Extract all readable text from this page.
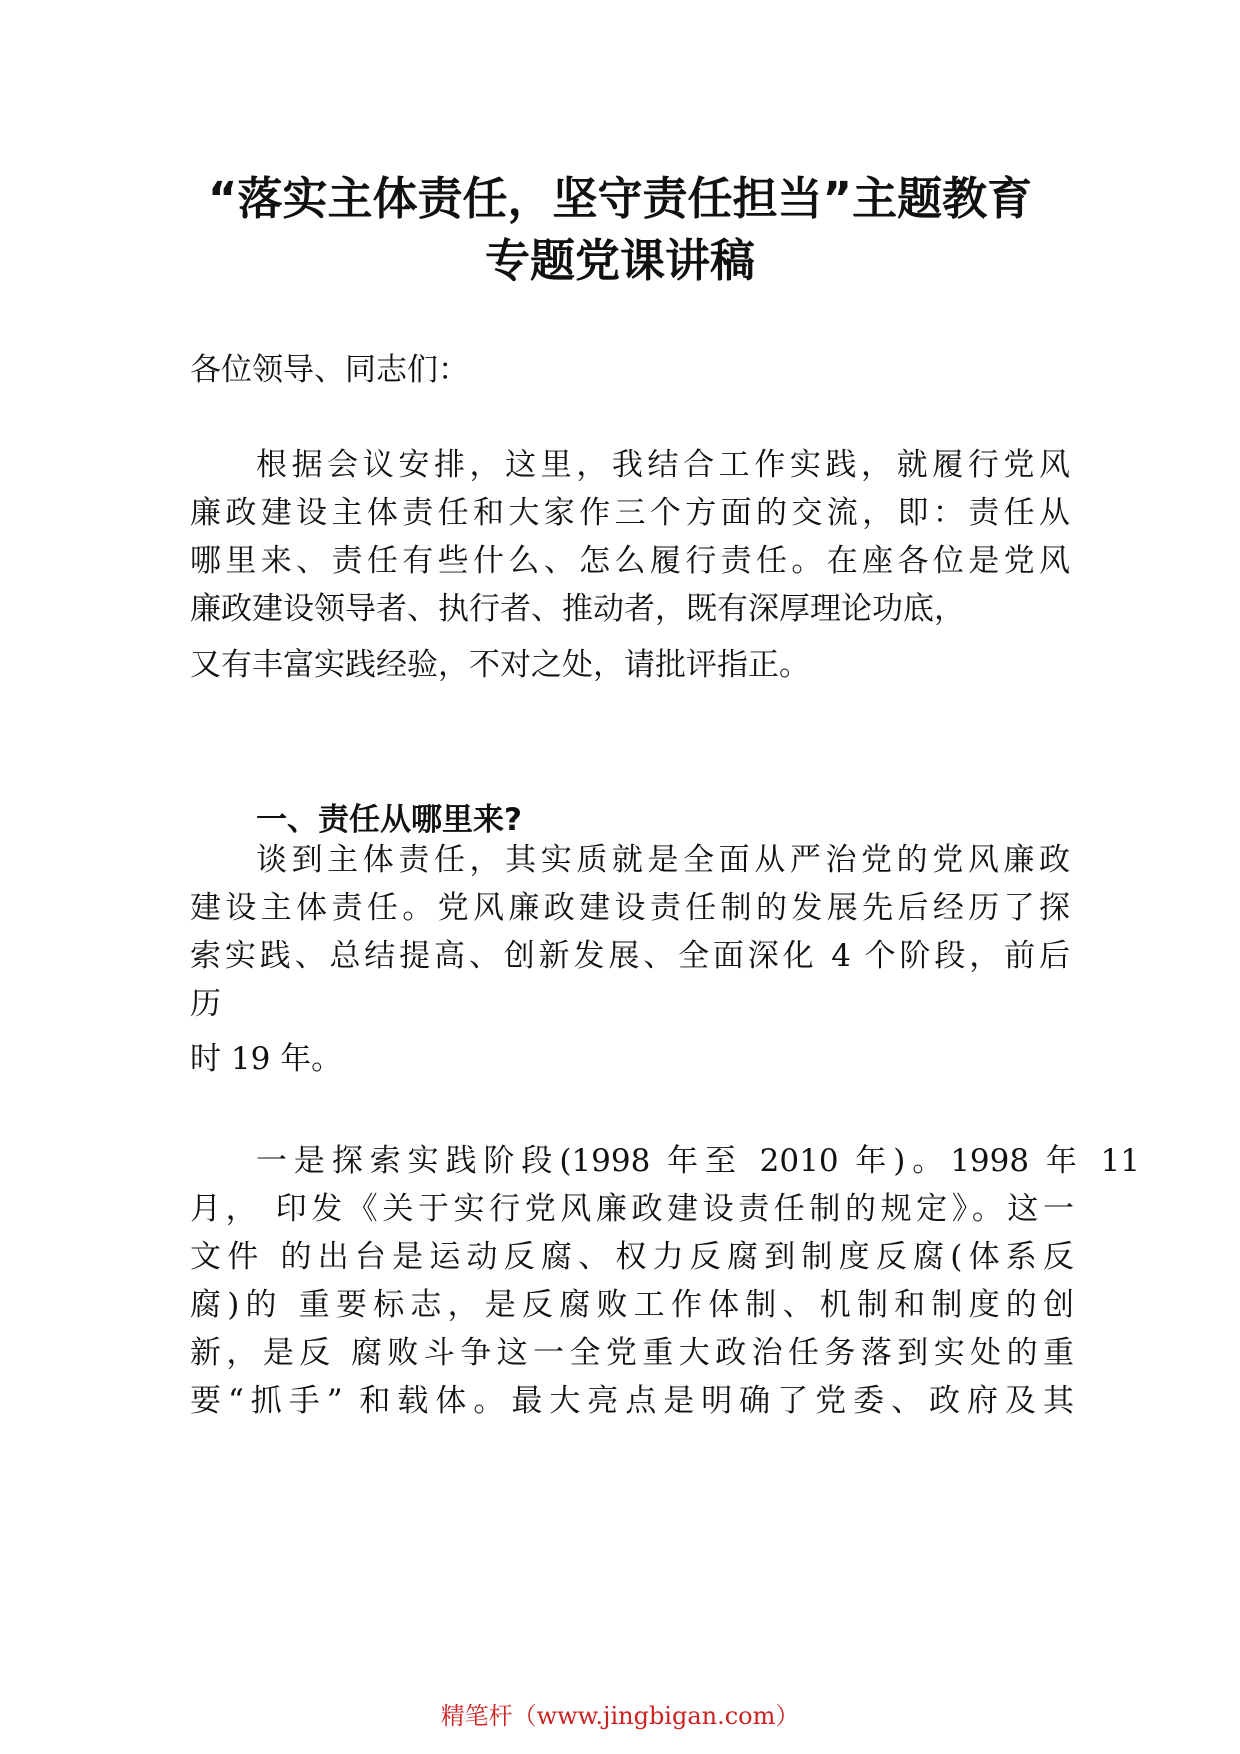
“落实主体责任，坚守责任担当”主题教育
专题党课讲稿
各位领导、同志们：
根据会议安排，这里，我结合工作实践，就履行党风
廉政建设主体责任和大家作三个方面的交流，即：责任从
哪里来、责任有些什么、怎么履行责任。在座各位是党风
廉政建设领导者、执行者、推动者，既有深厚理论功底，
又有丰富实践经验，不对之处，请批评指正。
一、责任从哪里来?
谈到主体责任，其实质就是全面从严治党的党风廉政
建设主体责任。党风廉政建设责任制的发展先后经历了探
索实践、总结提高、创新发展、全面深化 4 个阶段，前后
历
时 19 年。
一是探索实践阶段(1998 年至 2010 年)。1998 年 11
月， 印发《关于实行党风廉政建设责任制的规定》。这一
文件 的出台是运动反腐、权力反腐到制度反腐(体系反
腐)的 重要标志，是反腐败工作体制、机制和制度的创
新，是反 腐败斗争这一全党重大政治任务落到实处的重
要“抓手” 和载体。最大亮点是明确了党委、政府及其
精笔杆（www.jingbigan.com）
